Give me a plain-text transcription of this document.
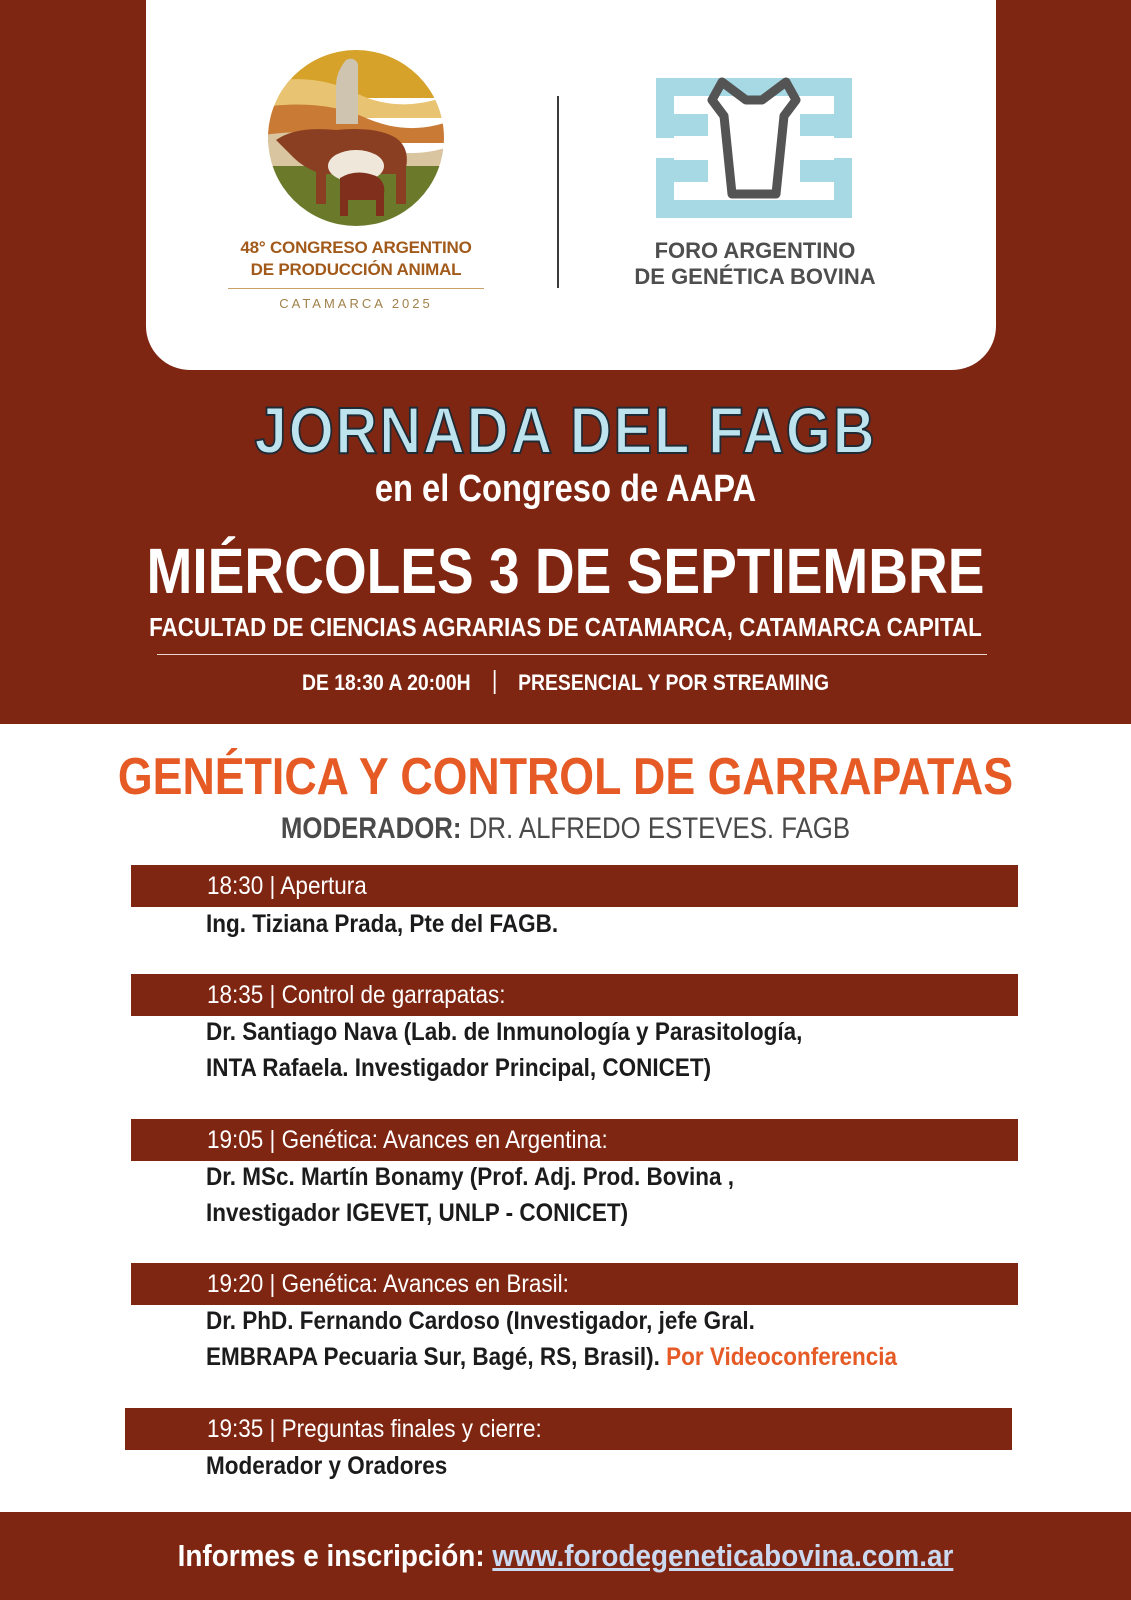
48° CONGRESO ARGENTINO
DE PRODUCCIÓN ANIMAL
CATAMARCA 2025
FORO ARGENTINO
DE GENÉTICA BOVINA
JORNADA DEL FAGB
en el Congreso de AAPA
MIÉRCOLES 3 DE SEPTIEMBRE
FACULTAD DE CIENCIAS AGRARIAS DE CATAMARCA, CATAMARCA CAPITAL
DE 18:30 A 20:00H PRESENCIAL Y POR STREAMING
GENÉTICA Y CONTROL DE GARRAPATAS
MODERADOR: DR. ALFREDO ESTEVES. FAGB
18:30 | Apertura
Ing. Tiziana Prada, Pte del FAGB.
18:35 | Control de garrapatas:
Dr. Santiago Nava (Lab. de Inmunología y Parasitología,
INTA Rafaela. Investigador Principal, CONICET)
19:05 | Genética: Avances en Argentina:
Dr. MSc. Martín Bonamy (Prof. Adj. Prod. Bovina ,
Investigador IGEVET, UNLP - CONICET)
19:20 | Genética: Avances en Brasil:
Dr. PhD. Fernando Cardoso (Investigador, jefe Gral.
EMBRAPA Pecuaria Sur, Bagé, RS, Brasil). Por Videoconferencia
19:35 | Preguntas finales y cierre:
Moderador y Oradores
Informes e inscripción: www.forodegeneticabovina.com.ar
